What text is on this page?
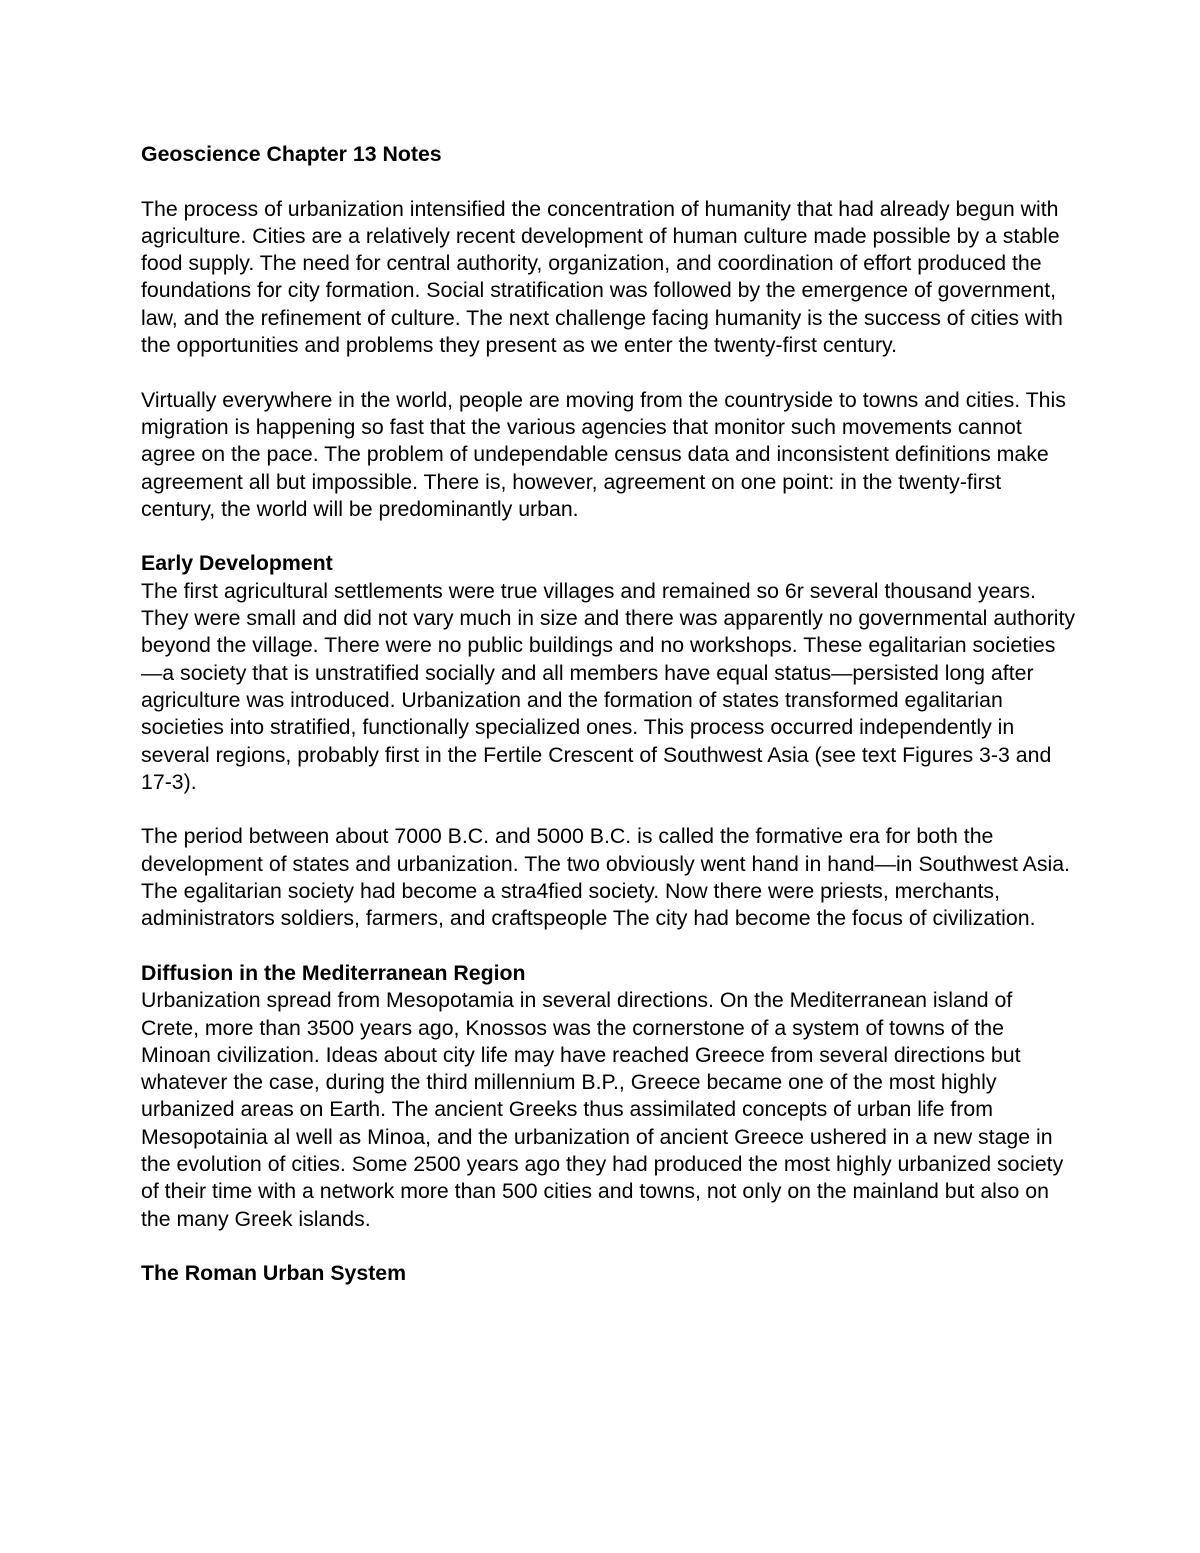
Geoscience Chapter 13 Notes

The process of urbanization intensified the concentration of humanity that had already begun with agriculture. Cities are a relatively recent development of human culture made possible by a stable food supply. The need for central authority, organization, and coordination of effort produced the foundations for city formation. Social stratification was followed by the emergence of government, law, and the refinement of culture. The next challenge facing humanity is the success of cities with the opportunities and problems they present as we enter the twenty-first century.

Virtually everywhere in the world, people are moving from the countryside to towns and cities. This migration is happening so fast that the various agencies that monitor such movements cannot agree on the pace. The problem of undependable census data and inconsistent definitions make agreement all but impossible. There is, however, agreement on one point: in the twenty-first century, the world will be predominantly urban.

Early Development

The first agricultural settlements were true villages and remained so 6r several thousand years. They were small and did not vary much in size and there was apparently no governmental authority beyond the village. There were no public buildings and no workshops. These egalitarian societies—a society that is unstratified socially and all members have equal status—persisted long after agriculture was introduced. Urbanization and the formation of states transformed egalitarian societies into stratified, functionally specialized ones. This process occurred independently in several regions, probably first in the Fertile Crescent of Southwest Asia (see text Figures 3-3 and 17-3).

The period between about 7000 B.C. and 5000 B.C. is called the formative era for both the development of states and urbanization. The two obviously went hand in hand—in Southwest Asia. The egalitarian society had become a stra4fied society. Now there were priests, merchants, administrators soldiers, farmers, and craftspeople The city had become the focus of civilization.

Diffusion in the Mediterranean Region

Urbanization spread from Mesopotamia in several directions. On the Mediterranean island of Crete, more than 3500 years ago, Knossos was the cornerstone of a system of towns of the Minoan civilization. Ideas about city life may have reached Greece from several directions but whatever the case, during the third millennium B.P., Greece became one of the most highly urbanized areas on Earth. The ancient Greeks thus assimilated concepts of urban life from Mesopotainia al well as Minoa, and the urbanization of ancient Greece ushered in a new stage in the evolution of cities. Some 2500 years ago they had produced the most highly urbanized society of their time with a network more than 500 cities and towns, not only on the mainland but also on the many Greek islands.

The Roman Urban System
